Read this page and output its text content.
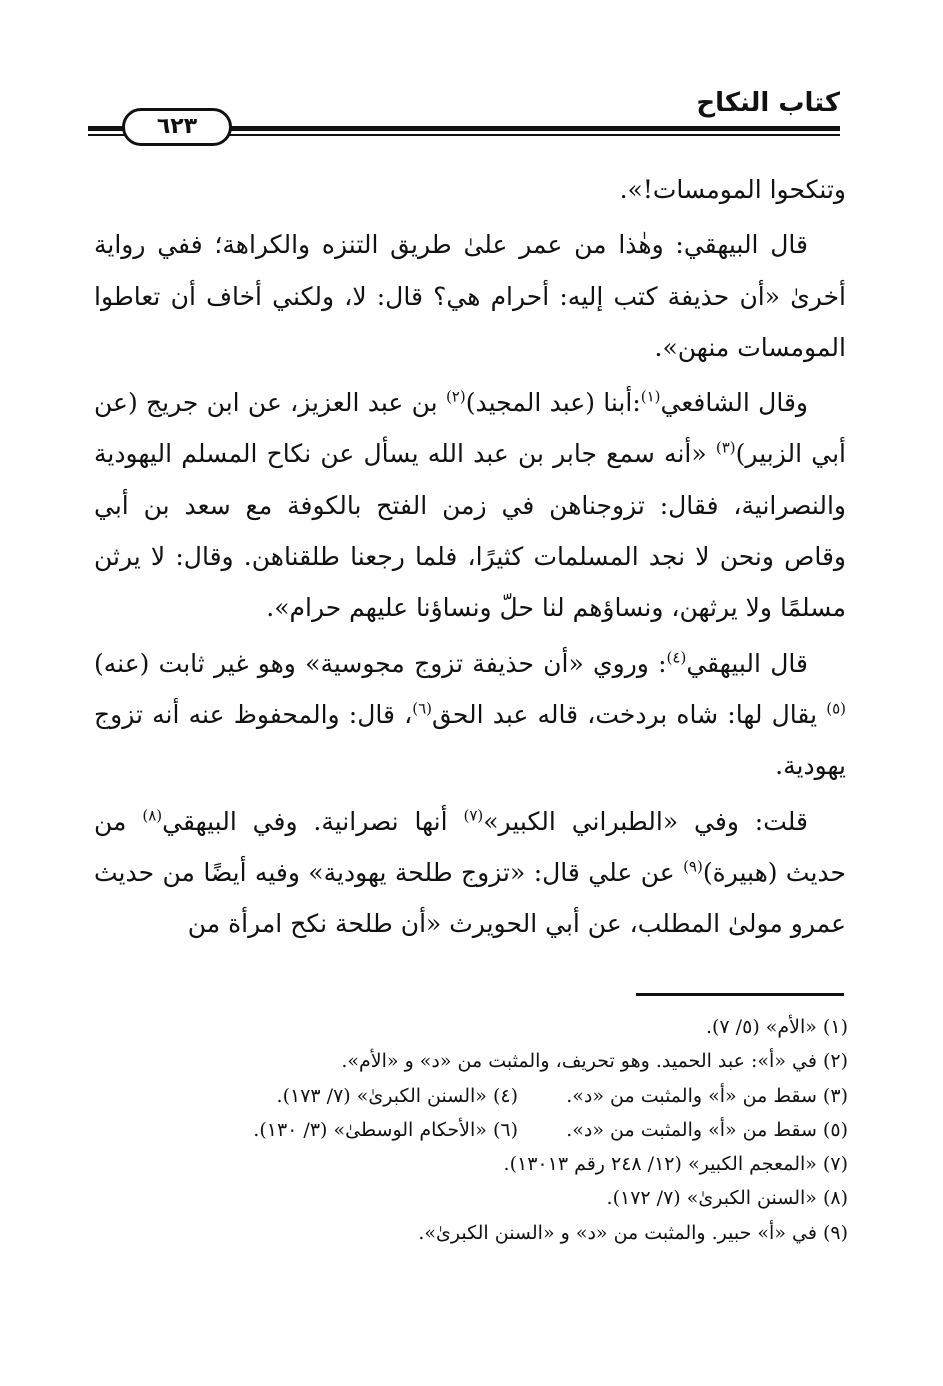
كتاب النكاح
٦٢٣

وتنكحوا المومسات!».

قال البيهقي: وهٰذا من عمر علىٰ طريق التنزه والكراهة؛ ففي رواية أخرىٰ «أن حذيفة كتب إليه: أحرام هي؟ قال: لا، ولكني أخاف أن تعاطوا المومسات منهن».

وقال الشافعي$^{(١)}$:أبنا (عبد المجيد)$^{(٢)}$ بن عبد العزيز، عن ابن جريج (عن أبي الزبير)$^{(٣)}$ «أنه سمع جابر بن عبد الله يسأل عن نكاح المسلم اليهودية والنصرانية، فقال: تزوجناهن في زمن الفتح بالكوفة مع سعد بن أبي وقاص ونحن لا نجد المسلمات كثيرًا، فلما رجعنا طلقناهن. وقال: لا يرثن مسلمًا ولا يرثهن، ونساؤهم لنا حلّ ونساؤنا عليهم حرام».

قال البيهقي$^{(٤)}$: وروي «أن حذيفة تزوج مجوسية» وهو غير ثابت (عنه)$^{(٥)}$ يقال لها: شاه بردخت، قاله عبد الحق$^{(٦)}$، قال: والمحفوظ عنه أنه تزوج يهودية.

قلت: وفي «الطبراني الكبير»$^{(٧)}$ أنها نصرانية. وفي البيهقي$^{(٨)}$ من حديث (هبيرة)$^{(٩)}$ عن علي قال: «تزوج طلحة يهودية» وفيه أيضًا من حديث عمرو مولىٰ المطلب، عن أبي الحويرث «أن طلحة نكح امرأة من

(١) «الأم» (٥/ ٧).
(٢) في «أ»: عبد الحميد. وهو تحريف، والمثبت من «د» و «الأم».
(٣) سقط من «أ» والمثبت من «د».
(٤) «السنن الكبرىٰ» (٧/ ١٧٣).
(٥) سقط من «أ» والمثبت من «د».
(٦) «الأحكام الوسطىٰ» (٣/ ١٣٠).
(٧) «المعجم الكبير» (١٢/ ٢٤٨ رقم ١٣٠١٣).
(٨) «السنن الكبرىٰ» (٧/ ١٧٢).
(٩) في «أ» حبير. والمثبت من «د» و «السنن الكبرىٰ».
